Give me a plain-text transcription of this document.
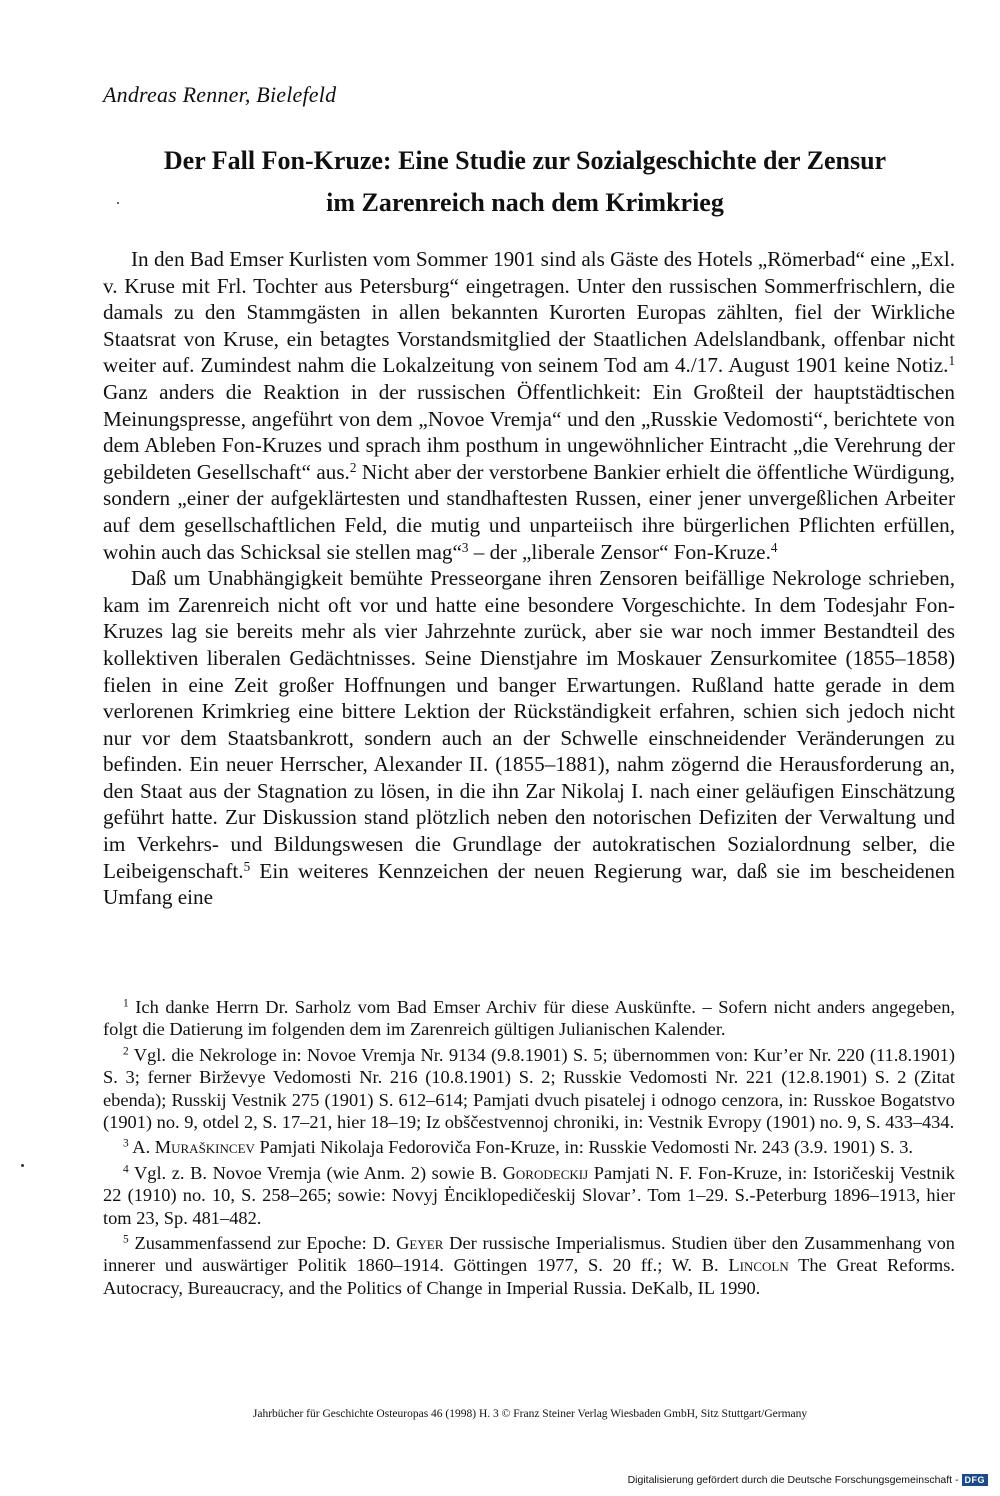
Andreas Renner, Bielefeld
Der Fall Fon-Kruze: Eine Studie zur Sozialgeschichte der Zensur
im Zarenreich nach dem Krimkrieg

In den Bad Emser Kurlisten vom Sommer 1901 sind als Gäste des Hotels „Römerbad“ eine „Exl. v. Kruse mit Frl. Tochter aus Petersburg“ eingetragen. Unter den russischen Sommerfrischlern, die damals zu den Stammgästen in allen bekannten Kurorten Europas zählten, fiel der Wirkliche Staatsrat von Kruse, ein betagtes Vorstandsmitglied der Staatlichen Adelslandbank, offenbar nicht weiter auf. Zumindest nahm die Lokalzeitung von seinem Tod am 4./17. August 1901 keine Notiz.$^1$ Ganz anders die Reaktion in der russischen Öffentlichkeit: Ein Großteil der hauptstädtischen Meinungspresse, angeführt von dem „Novoe Vremja“ und den „Russkie Vedomosti“, berichtete von dem Ableben Fon-Kruzes und sprach ihm posthum in ungewöhnlicher Eintracht „die Verehrung der gebildeten Gesellschaft“ aus.$^2$ Nicht aber der verstorbene Bankier erhielt die öffentliche Würdigung, sondern „einer der aufgeklärtesten und standhaftesten Russen, einer jener unvergeßlichen Arbeiter auf dem gesellschaftlichen Feld, die mutig und unparteiisch ihre bürgerlichen Pflichten erfüllen, wohin auch das Schicksal sie stellen mag“$^3$ – der „liberale Zensor“ Fon-Kruze.$^4$

Daß um Unabhängigkeit bemühte Presseorgane ihren Zensoren beifällige Nekrologe schrieben, kam im Zarenreich nicht oft vor und hatte eine besondere Vorgeschichte. In dem Todesjahr Fon-Kruzes lag sie bereits mehr als vier Jahrzehnte zurück, aber sie war noch immer Bestandteil des kollektiven liberalen Gedächtnisses. Seine Dienstjahre im Moskauer Zensurkomitee (1855–1858) fielen in eine Zeit großer Hoffnungen und banger Erwartungen. Rußland hatte gerade in dem verlorenen Krimkrieg eine bittere Lektion der Rückständigkeit erfahren, schien sich jedoch nicht nur vor dem Staatsbankrott, sondern auch an der Schwelle einschneidender Veränderungen zu befinden. Ein neuer Herrscher, Alexander II. (1855–1881), nahm zögernd die Herausforderung an, den Staat aus der Stagnation zu lösen, in die ihn Zar Nikolaj I. nach einer geläufigen Einschätzung geführt hatte. Zur Diskussion stand plötzlich neben den notorischen Defiziten der Verwaltung und im Verkehrs- und Bildungswesen die Grundlage der autokratischen Sozialordnung selber, die Leibeigenschaft.$^5$ Ein weiteres Kennzeichen der neuen Regierung war, daß sie im bescheidenen Umfang eine

$^1$ Ich danke Herrn Dr. Sarholz vom Bad Emser Archiv für diese Auskünfte. – Sofern nicht anders angegeben, folgt die Datierung im folgenden dem im Zarenreich gültigen Julianischen Kalender.

$^2$ Vgl. die Nekrologe in: Novoe Vremja Nr. 9134 (9.8.1901) S. 5; übernommen von: Kur’er Nr. 220 (11.8.1901) S. 3; ferner Birževye Vedomosti Nr. 216 (10.8.1901) S. 2; Russkie Vedomosti Nr. 221 (12.8.1901) S. 2 (Zitat ebenda); Russkij Vestnik 275 (1901) S. 612–614; Pamjati dvuch pisatelej i odnogo cenzora, in: Russkoe Bogatstvo (1901) no. 9, otdel 2, S. 17–21, hier 18–19; Iz obščestvennoj chroniki, in: Vestnik Evropy (1901) no. 9, S. 433–434.

$^3$ A. Muraškincev Pamjati Nikolaja Fedoroviča Fon-Kruze, in: Russkie Vedomosti Nr. 243 (3.9. 1901) S. 3.

$^4$ Vgl. z. B. Novoe Vremja (wie Anm. 2) sowie B. Gorodeckij Pamjati N. F. Fon-Kruze, in: Istoričeskij Vestnik 22 (1910) no. 10, S. 258–265; sowie: Novyj Ėnciklopedičeskij Slovar’. Tom 1–29. S.-Peterburg 1896–1913, hier tom 23, Sp. 481–482.

$^5$ Zusammenfassend zur Epoche: D. Geyer Der russische Imperialismus. Studien über den Zusammenhang von innerer und auswärtiger Politik 1860–1914. Göttingen 1977, S. 20 ff.; W. B. Lincoln The Great Reforms. Autocracy, Bureaucracy, and the Politics of Change in Imperial Russia. DeKalb, IL 1990.

Jahrbücher für Geschichte Osteuropas 46 (1998) H. 3 © Franz Steiner Verlag Wiesbaden GmbH, Sitz Stuttgart/Germany
Digitalisierung gefördert durch die Deutsche Forschungsgemeinschaft - DFG
